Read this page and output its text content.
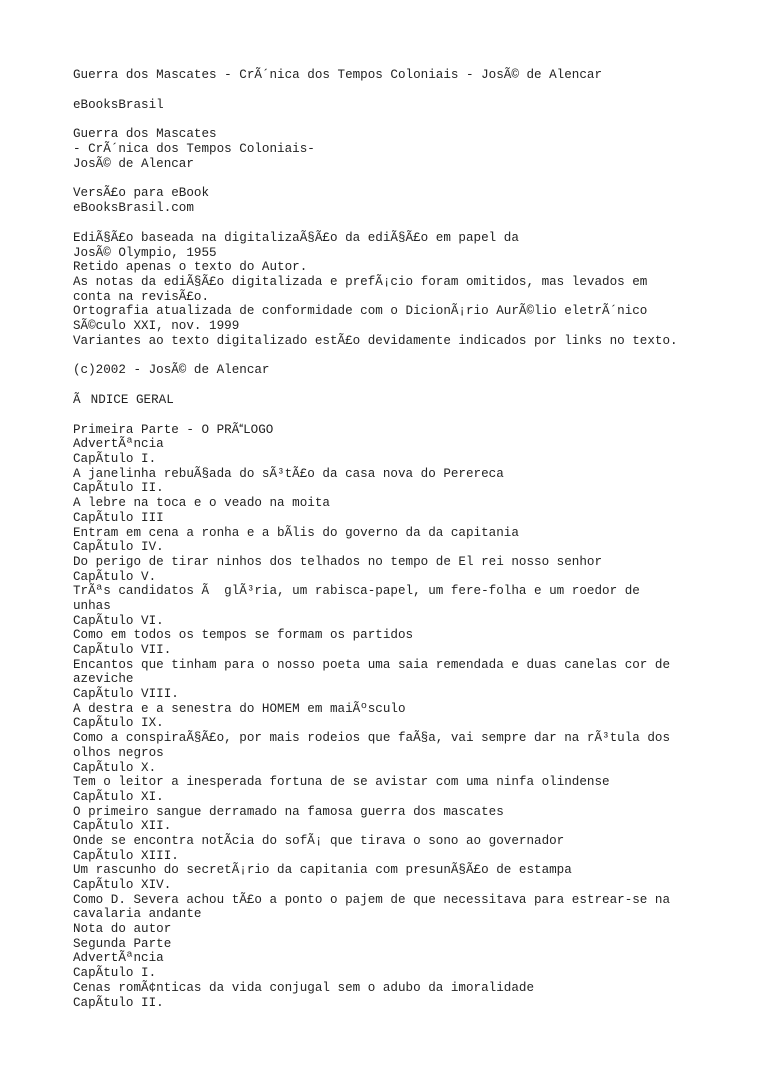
Guerra dos Mascates - CrÃ´nica dos Tempos Coloniais - JosÃ© de Alencar
eBooksBrasil
Guerra dos Mascates
- CrÃ´nica dos Tempos Coloniais-
JosÃ© de Alencar
VersÃ£o para eBook
eBooksBrasil.com
EdiÃ§Ã£o baseada na digitalizaÃ§Ã£o da ediÃ§Ã£o em papel da
JosÃ© Olympio, 1955
Retido apenas o texto do Autor.
As notas da ediÃ§Ã£o digitalizada e prefÃ¡cio foram omitidos, mas levados em
conta na revisÃ£o.
Ortografia atualizada de conformidade com o DicionÃ¡rio AurÃ©lio eletrÃ´nico
SÃ©culo XXI, nov. 1999
Variantes ao texto digitalizado estÃ£o devidamente indicados por links no texto.
(c)2002 - JosÃ© de Alencar
ÃNDICE GERAL
Primeira Parte - O PRÃLOGO
AdvertÃªncia
CapÃtulo I.
A janelinha rebuÃ§ada do sÃ³tÃ£o da casa nova do Perereca
CapÃtulo II.
A lebre na toca e o veado na moita
CapÃtulo III
Entram em cena a ronha e a bÃlis do governo da da capitania
CapÃtulo IV.
Do perigo de tirar ninhos dos telhados no tempo de El rei nosso senhor
CapÃtulo V.
TrÃªs candidatos Ã  glÃ³ria, um rabisca-papel, um fere-folha e um roedor de
unhas
CapÃtulo VI.
Como em todos os tempos se formam os partidos
CapÃtulo VII.
Encantos que tinham para o nosso poeta uma saia remendada e duas canelas cor de
azeviche
CapÃtulo VIII.
A destra e a senestra do HOMEM em maiÃºsculo
CapÃtulo IX.
Como a conspiraÃ§Ã£o, por mais rodeios que faÃ§a, vai sempre dar na rÃ³tula dos
olhos negros
CapÃtulo X.
Tem o leitor a inesperada fortuna de se avistar com uma ninfa olindense
CapÃtulo XI.
O primeiro sangue derramado na famosa guerra dos mascates
CapÃtulo XII.
Onde se encontra notÃcia do sofÃ¡ que tirava o sono ao governador
CapÃtulo XIII.
Um rascunho do secretÃ¡rio da capitania com presunÃ§Ã£o de estampa
CapÃtulo XIV.
Como D. Severa achou tÃ£o a ponto o pajem de que necessitava para estrear-se na
cavalaria andante
Nota do autor
Segunda Parte
AdvertÃªncia
CapÃtulo I.
Cenas romÃ¢nticas da vida conjugal sem o adubo da imoralidade
CapÃtulo II.
